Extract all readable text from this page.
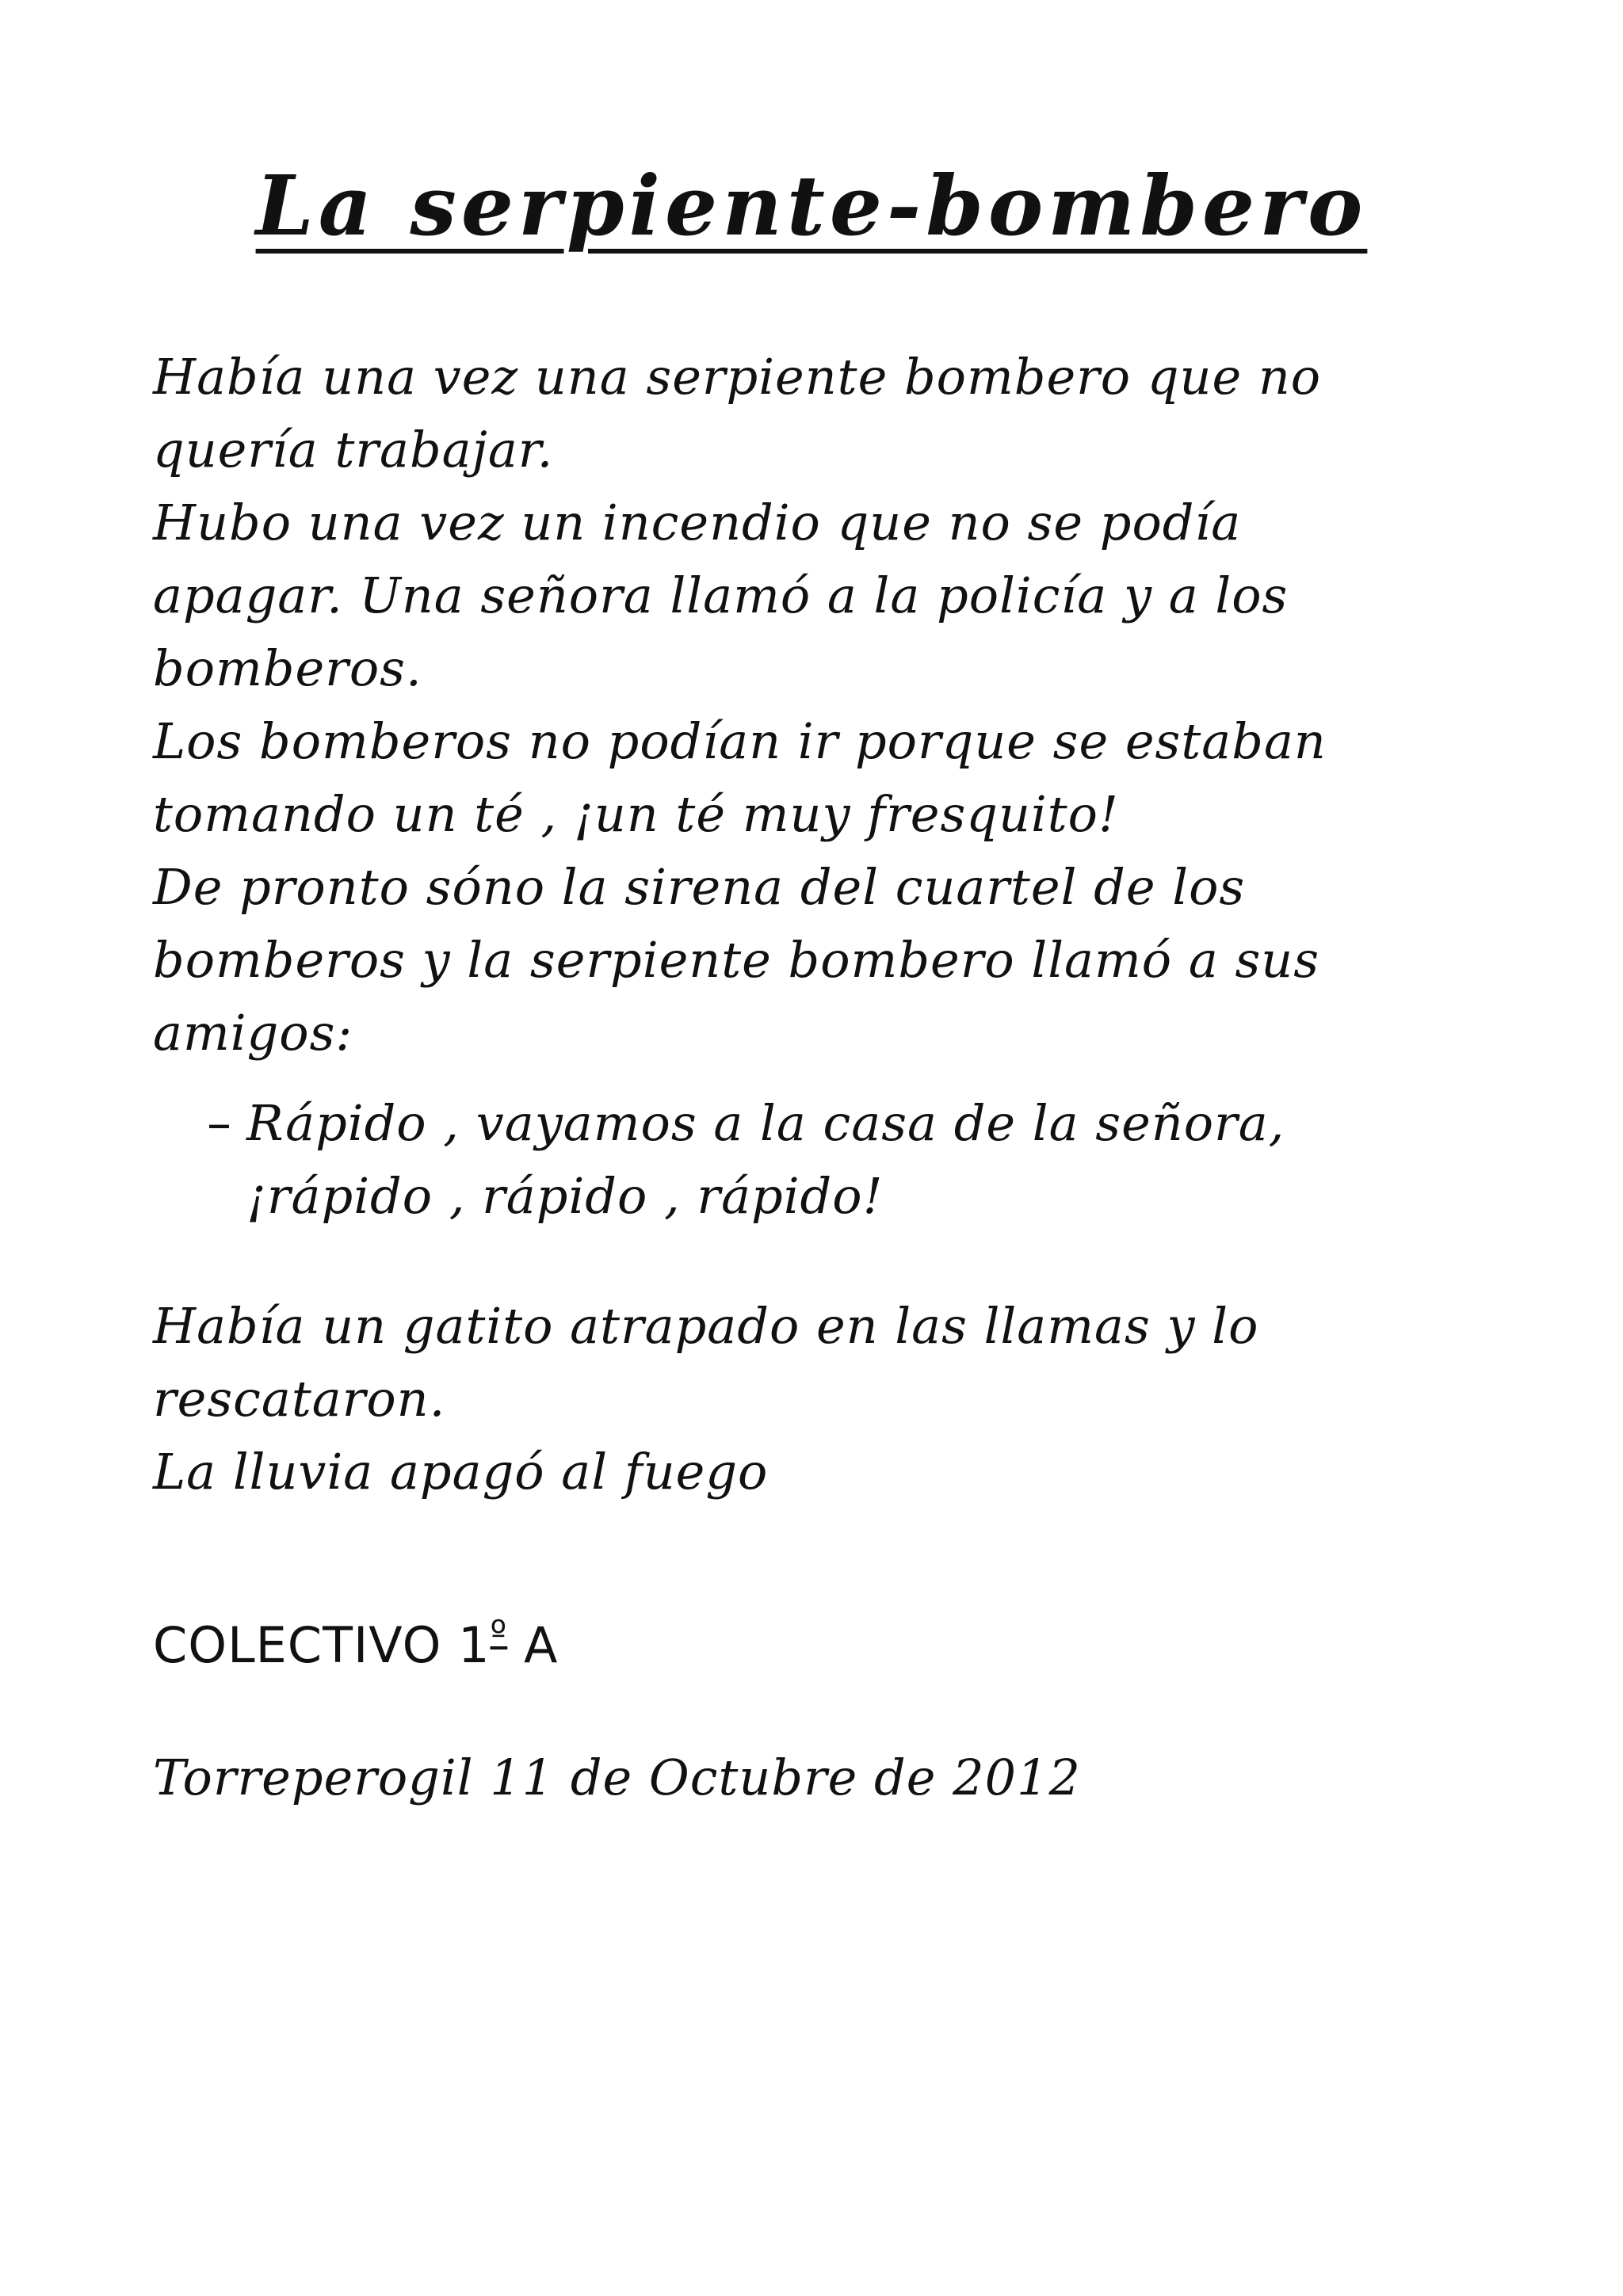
La serpiente-bombero
Había una vez una serpiente bombero que no
quería trabajar.
Hubo una vez un incendio que no se podía
apagar. Una señora llamó a la policía y a los
bomberos.
Los bomberos no podían ir porque se estaban
tomando un té , ¡un té muy fresquito!
De pronto sóno la sirena del cuartel de los
bomberos y la serpiente bombero llamó a sus
amigos:
– Rápido , vayamos a la casa de la señora,
¡rápido , rápido , rápido!
Había un gatito atrapado en las llamas y lo
rescataron.
La lluvia apagó al fuego
COLECTIVO $1^º$ A
Torreperogil 11 de Octubre de 2012
